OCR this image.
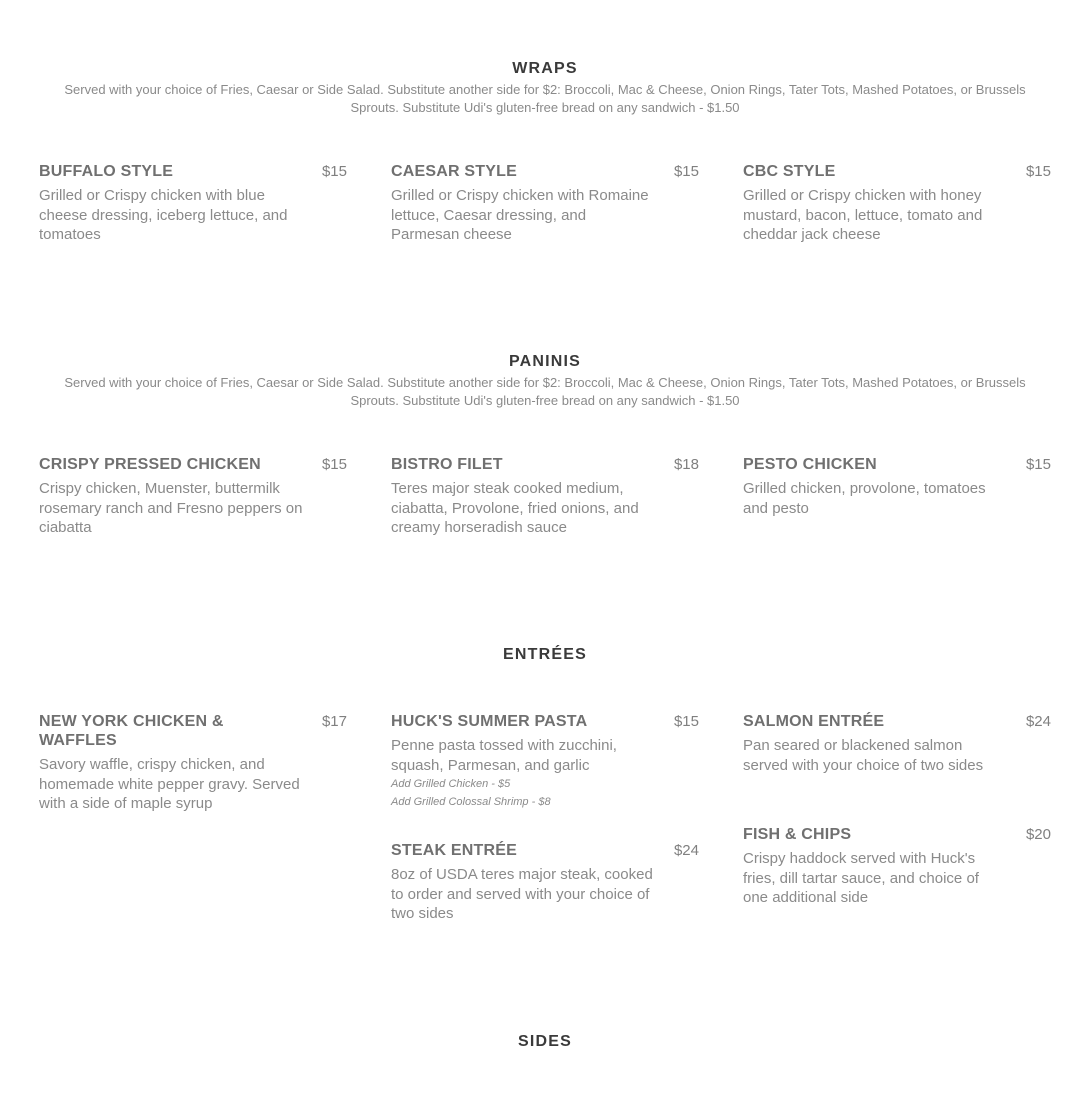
WRAPS

Served with your choice of Fries, Caesar or Side Salad. Substitute another side for $2: Broccoli, Mac & Cheese, Onion Rings, Tater Tots, Mashed Potatoes, or Brussels Sprouts. Substitute Udi's gluten-free bread on any sandwich - $1.50

BUFFALO STYLE	$15
Grilled or Crispy chicken with blue cheese dressing, iceberg lettuce, and tomatoes
CAESAR STYLE	$15
Grilled or Crispy chicken with Romaine lettuce, Caesar dressing, and Parmesan cheese
CBC STYLE	$15
Grilled or Crispy chicken with honey mustard, bacon, lettuce, tomato and cheddar jack cheese
PANINIS

Served with your choice of Fries, Caesar or Side Salad. Substitute another side for $2: Broccoli, Mac & Cheese, Onion Rings, Tater Tots, Mashed Potatoes, or Brussels Sprouts. Substitute Udi's gluten-free bread on any sandwich - $1.50

CRISPY PRESSED CHICKEN	$15
Crispy chicken, Muenster, buttermilk rosemary ranch and Fresno peppers on ciabatta
BISTRO FILET	$18
Teres major steak cooked medium, ciabatta, Provolone, fried onions, and creamy horseradish sauce
PESTO CHICKEN	$15
Grilled chicken, provolone, tomatoes and pesto
ENTRÉES
NEW YORK CHICKEN & WAFFLES
$17
Savory waffle, crispy chicken, and homemade white pepper gravy. Served with a side of maple syrup
HUCK'S SUMMER PASTA	$15
Penne pasta tossed with zucchini, squash, Parmesan, and garlic
Add Grilled Chicken - $5
Add Grilled Colossal Shrimp - $8
SALMON ENTRÉE	$24
Pan seared or blackened salmon served with your choice of two sides
STEAK ENTRÉE	$24
8oz of USDA teres major steak, cooked to order and served with your choice of two sides
FISH & CHIPS	$20
Crispy haddock served with Huck's fries, dill tartar sauce, and choice of one additional side
SIDES
